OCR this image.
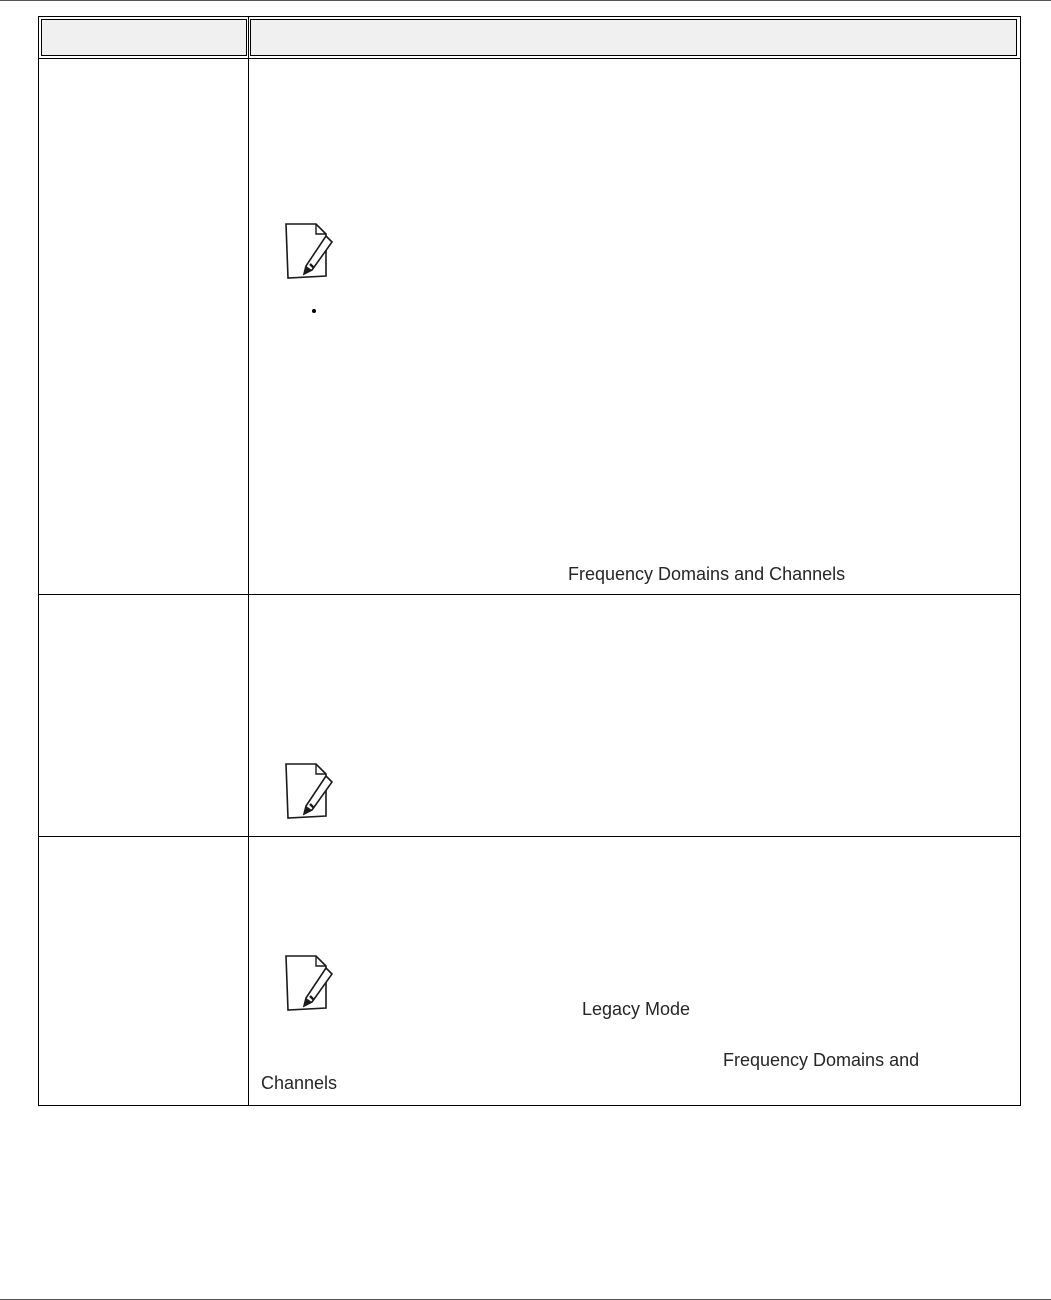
Frequency Domains and Channels
Legacy Mode
Frequency Domains and
Channels
